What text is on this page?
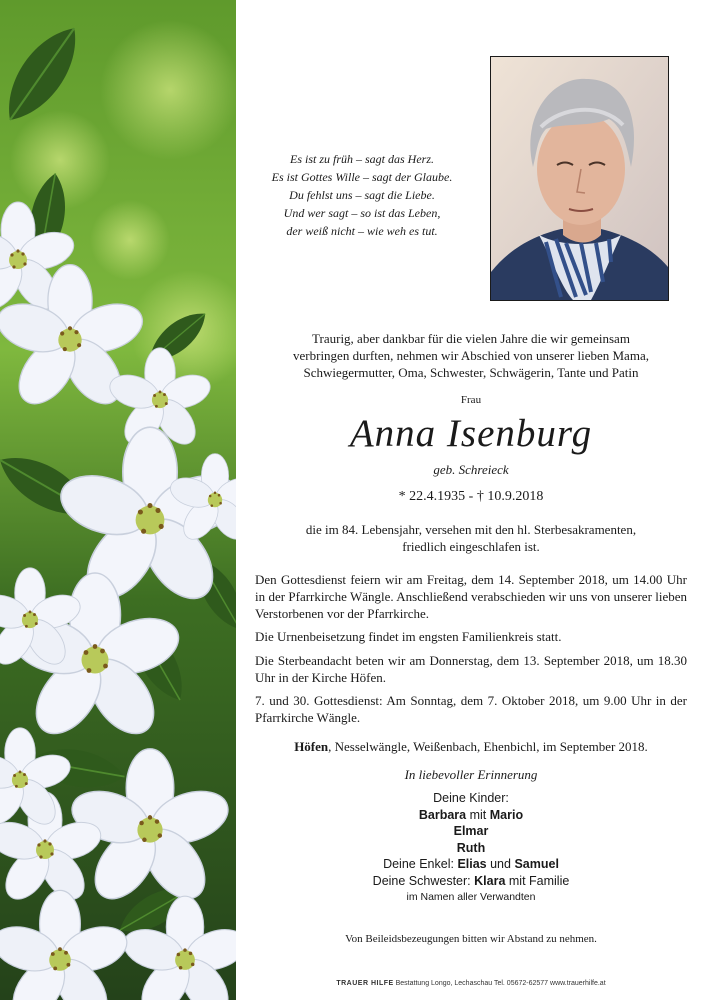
Es ist zu früh – sagt das Herz.
Es ist Gottes Wille – sagt der Glaube.
Du fehlst uns – sagt die Liebe.
Und wer sagt – so ist das Leben,
der weiß nicht – wie weh es tut.
Traurig, aber dankbar für die vielen Jahre die wir gemeinsam
verbringen durften, nehmen wir Abschied von unserer lieben Mama,
Schwiegermutter, Oma, Schwester, Schwägerin, Tante und Patin
Frau
Anna Isenburg
geb. Schreieck
* 22.4.1935 - † 10.9.2018
die im 84. Lebensjahr, versehen mit den hl. Sterbesakramenten,
friedlich eingeschlafen ist.
Den Gottesdienst feiern wir am Freitag, dem 14. September 2018, um 14.00 Uhr in der Pfarrkirche Wängle. Anschließend verabschieden wir uns von unserer lieben Verstorbenen vor der Pfarrkirche.
Die Urnenbeisetzung findet im engsten Familienkreis statt.
Die Sterbeandacht beten wir am Donnerstag, dem 13. September 2018, um 18.30 Uhr in der Kirche Höfen.
7. und 30. Gottesdienst: Am Sonntag, dem 7. Oktober 2018, um 9.00 Uhr in der Pfarrkirche Wängle.
Höfen, Nesselwängle, Weißenbach, Ehenbichl, im September 2018.
In liebevoller Erinnerung
Deine Kinder:
Barbara mit Mario
Elmar
Ruth
Deine Enkel: Elias und Samuel
Deine Schwester: Klara mit Familie
im Namen aller Verwandten
Von Beileidsbezeugungen bitten wir Abstand zu nehmen.
TRAUER HILFE Bestattung Longo, Lechaschau Tel. 05672-62577 www.trauerhilfe.at
